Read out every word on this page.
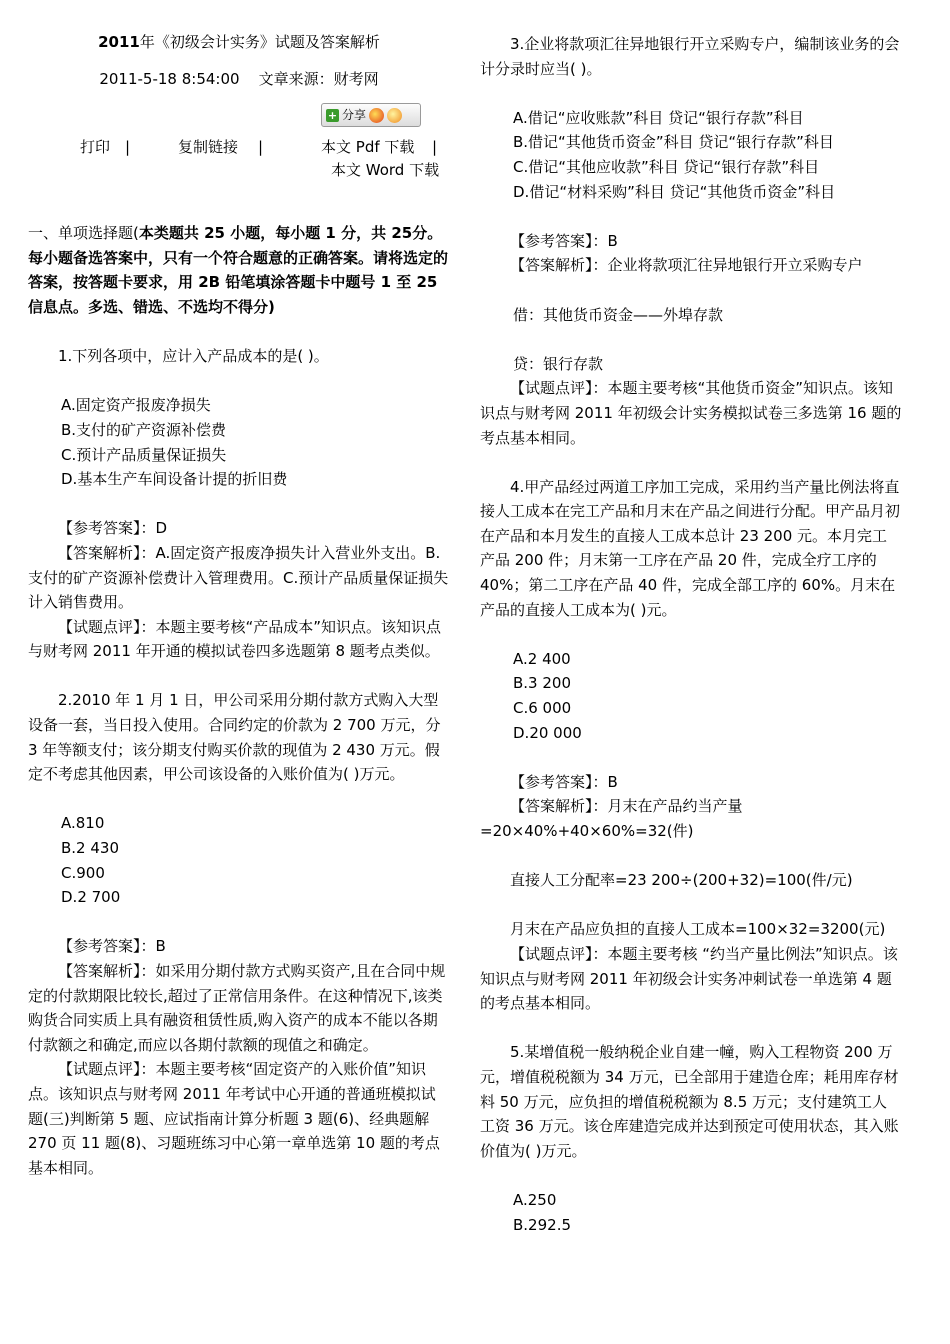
2011年《初级会计实务》试题及答案解析

2011-5-18 8:54:00 文章来源：财考网

+ 分享
打印 |	复制链接 |	本文 Pdf 下载 |
本文 Word 下载

一、单项选择题(本类题共 25 小题，每小题 1 分，共 25分。每小题备选答案中，只有一个符合题意的正确答案。请将选定的答案，按答题卡要求，用 2B 铅笔填涂答题卡中题号 1 至 25 信息点。多选、错选、不选均不得分)

1.下列各项中，应计入产品成本的是( )。

A.固定资产报废净损失

B.支付的矿产资源补偿费

C.预计产品质量保证损失

D.基本生产车间设备计提的折旧费

【参考答案】：D

【答案解析】：A.固定资产报废净损失计入营业外支出。B.支付的矿产资源补偿费计入管理费用。C.预计产品质量保证损失计入销售费用。

【试题点评】：本题主要考核“产品成本”知识点。该知识点与财考网 2011 年开通的模拟试卷四多选题第 8 题考点类似。

2.2010 年 1 月 1 日，甲公司采用分期付款方式购入大型设备一套，当日投入使用。合同约定的价款为 2 700 万元，分 3 年等额支付；该分期支付购买价款的现值为 2 430 万元。假定不考虑其他因素，甲公司该设备的入账价值为( )万元。

A.810

B.2 430

C.900

D.2 700

【参考答案】：B

【答案解析】：如采用分期付款方式购买资产,且在合同中规定的付款期限比较长,超过了正常信用条件。在这种情况下,该类购货合同实质上具有融资租赁性质,购入资产的成本不能以各期付款额之和确定,而应以各期付款额的现值之和确定。

【试题点评】：本题主要考核“固定资产的入账价值”知识点。该知识点与财考网 2011 年考试中心开通的普通班模拟试题(三)判断第 5 题、应试指南计算分析题 3 题(6)、经典题解 270 页 11 题(8)、习题班练习中心第一章单选第 10 题的考点基本相同。

3.企业将款项汇往异地银行开立采购专户，编制该业务的会计分录时应当( )。

A.借记“应收账款”科目 贷记“银行存款”科目

B.借记“其他货币资金”科目 贷记“银行存款”科目

C.借记“其他应收款”科目 贷记“银行存款”科目

D.借记“材料采购”科目 贷记“其他货币资金”科目

【参考答案】：B

【答案解析】：企业将款项汇往异地银行开立采购专户

借：其他货币资金——外埠存款

贷：银行存款

【试题点评】：本题主要考核“其他货币资金”知识点。该知识点与财考网 2011 年初级会计实务模拟试卷三多选第 16 题的考点基本相同。

4.甲产品经过两道工序加工完成，采用约当产量比例法将直接人工成本在完工产品和月末在产品之间进行分配。甲产品月初在产品和本月发生的直接人工成本总计 23 200 元。本月完工产品 200 件；月末第一工序在产品 20 件，完成全疗工序的 40%；第二工序在产品 40 件，完成全部工序的 60%。月末在产品的直接人工成本为( )元。

A.2 400

B.3 200

C.6 000

D.20 000

【参考答案】：B

【答案解析】：月末在产品约当产量=20×40%+40×60%=32(件)

直接人工分配率=23 200÷(200+32)=100(件/元)

月末在产品应负担的直接人工成本=100×32=3200(元)

【试题点评】：本题主要考核 “约当产量比例法”知识点。该知识点与财考网 2011 年初级会计实务冲刺试卷一单选第 4 题的考点基本相同。

5.某增值税一般纳税企业自建一幢，购入工程物资 200 万元，增值税税额为 34 万元，已全部用于建造仓库；耗用库存材料 50 万元，应负担的增值税税额为 8.5 万元；支付建筑工人工资 36 万元。该仓库建造完成并达到预定可使用状态，其入账价值为( )万元。

A.250

B.292.5
